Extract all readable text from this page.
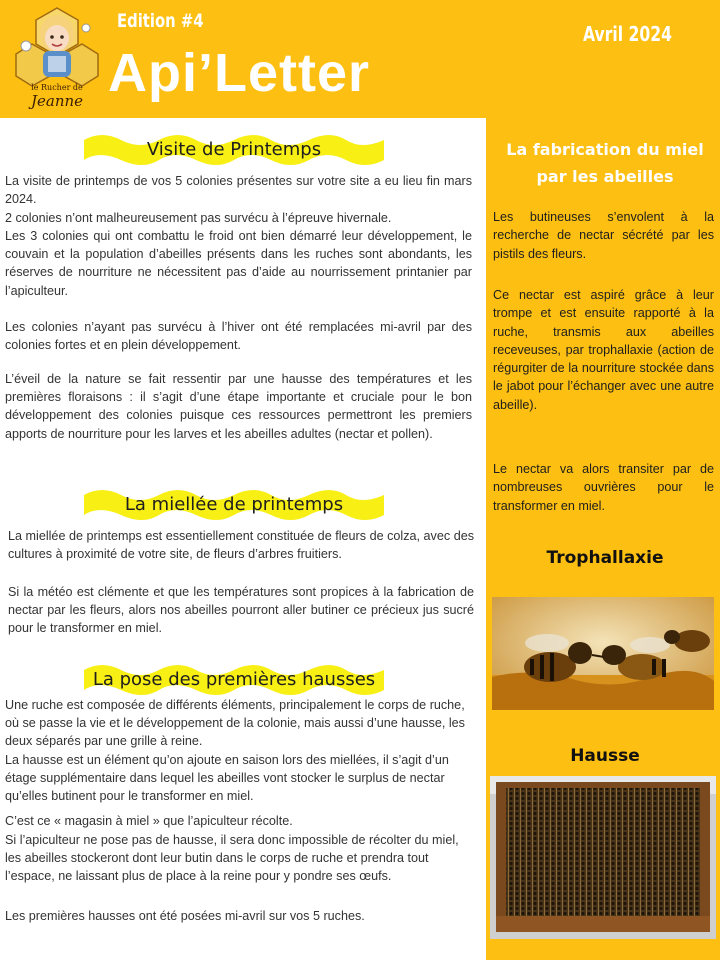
le Rucher de
Jeanne
Edition #4
Api’Letter
Avril 2024
Visite de Printemps

La visite de printemps de vos 5 colonies présentes sur votre site a eu lieu fin mars 2024.

2 colonies n’ont malheureusement pas survécu à l’épreuve hivernale.

Les 3 colonies qui ont combattu le froid ont bien démarré leur développement, le couvain et la population d’abeilles présents dans les ruches sont abondants, les réserves de nourriture ne nécessitent pas d’aide au nourrissement printanier par l’apiculteur.

Les colonies n’ayant pas survécu à l’hiver ont été remplacées mi-avril par des colonies fortes et en plein développement.

L’éveil de la nature se fait ressentir par une hausse des températures et les premières floraisons : il s’agit d’une étape importante et cruciale pour le bon développement des colonies puisque ces ressources permettront les premiers apports de nourriture pour les larves et les abeilles adultes (nectar et pollen).

La miellée de printemps

La miellée de printemps est essentiellement constituée de fleurs de colza, avec des cultures à proximité de votre site, de fleurs d’arbres fruitiers.

Si la météo est clémente et que les températures sont propices à la fabrication de nectar par les fleurs, alors nos abeilles pourront aller butiner ce précieux jus sucré pour le transformer en miel.

La pose des premières hausses

Une ruche est composée de différents éléments, principalement le corps de ruche, où se passe la vie et le développement de la colonie, mais aussi d’une hausse, les deux séparés par une grille à reine.

La hausse est un élément qu’on ajoute en saison lors des miellées, il s’agit d’un étage supplémentaire dans lequel les abeilles vont stocker le surplus de nectar qu’elles butinent pour le transformer en miel.

C’est ce « magasin à miel » que l’apiculteur récolte.

Si l’apiculteur ne pose pas de hausse, il sera donc impossible de récolter du miel, les abeilles stockeront dont leur butin dans le corps de ruche et prendra tout l’espace, ne laissant plus de place à la reine pour y pondre ses œufs.

Les premières hausses ont été posées mi-avril sur vos 5 ruches.

La fabrication du miel par les abeilles

Les butineuses s’envolent à la recherche de nectar sécrété par les pistils des fleurs.

Ce nectar est aspiré grâce à leur trompe et est ensuite rapporté à la ruche, transmis aux abeilles receveuses, par trophallaxie (action de régurgiter de la nourriture stockée dans le jabot pour l’échanger avec une autre abeille).

Le nectar va alors transiter par de nombreuses ouvrières pour le transformer en miel.

Trophallaxie
Hausse
